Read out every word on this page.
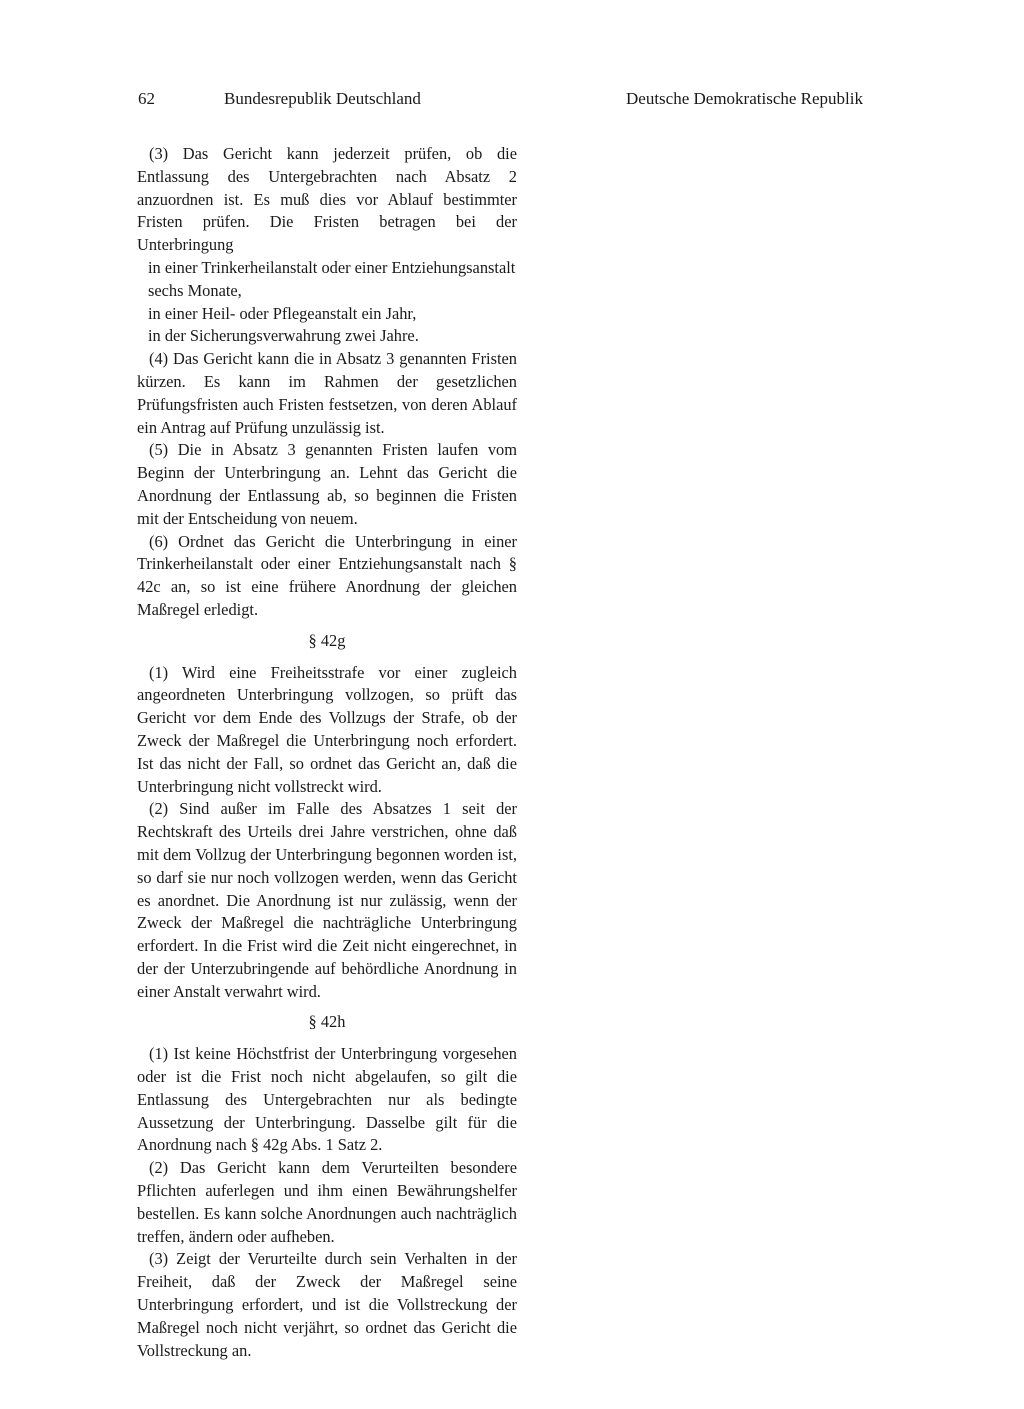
62	Bundesrepublik Deutschland	Deutsche Demokratische Republik

(3) Das Gericht kann jederzeit prüfen, ob die Entlassung des Untergebrachten nach Absatz 2 anzuordnen ist. Es muß dies vor Ablauf bestimmter Fristen prüfen. Die Fristen betragen bei der Unterbringung

in einer Trinkerheilanstalt oder einer Entziehungsanstalt sechs Monate,

in einer Heil- oder Pflegeanstalt ein Jahr,

in der Sicherungsverwahrung zwei Jahre.

(4) Das Gericht kann die in Absatz 3 genannten Fristen kürzen. Es kann im Rahmen der gesetzlichen Prüfungsfristen auch Fristen festsetzen, von deren Ablauf ein Antrag auf Prüfung unzulässig ist.

(5) Die in Absatz 3 genannten Fristen laufen vom Beginn der Unterbringung an. Lehnt das Gericht die Anordnung der Entlassung ab, so beginnen die Fristen mit der Entscheidung von neuem.

(6) Ordnet das Gericht die Unterbringung in einer Trinkerheilanstalt oder einer Entziehungsanstalt nach § 42c an, so ist eine frühere Anordnung der gleichen Maßregel erledigt.

§ 42g

(1) Wird eine Freiheitsstrafe vor einer zugleich angeordneten Unterbringung vollzogen, so prüft das Gericht vor dem Ende des Vollzugs der Strafe, ob der Zweck der Maßregel die Unterbringung noch erfordert. Ist das nicht der Fall, so ordnet das Gericht an, daß die Unterbringung nicht vollstreckt wird.

(2) Sind außer im Falle des Absatzes 1 seit der Rechtskraft des Urteils drei Jahre verstrichen, ohne daß mit dem Vollzug der Unterbringung begonnen worden ist, so darf sie nur noch vollzogen werden, wenn das Gericht es anordnet. Die Anordnung ist nur zulässig, wenn der Zweck der Maßregel die nachträgliche Unterbringung erfordert. In die Frist wird die Zeit nicht eingerechnet, in der der Unterzubringende auf behördliche Anordnung in einer Anstalt verwahrt wird.

§ 42h

(1) Ist keine Höchstfrist der Unterbringung vorgesehen oder ist die Frist noch nicht abgelaufen, so gilt die Entlassung des Untergebrachten nur als bedingte Aussetzung der Unterbringung. Dasselbe gilt für die Anordnung nach § 42g Abs. 1 Satz 2.

(2) Das Gericht kann dem Verurteilten besondere Pflichten auferlegen und ihm einen Bewährungshelfer bestellen. Es kann solche Anordnungen auch nachträglich treffen, ändern oder aufheben.

(3) Zeigt der Verurteilte durch sein Verhalten in der Freiheit, daß der Zweck der Maßregel seine Unterbringung erfordert, und ist die Vollstreckung der Maßregel noch nicht verjährt, so ordnet das Gericht die Vollstreckung an.
